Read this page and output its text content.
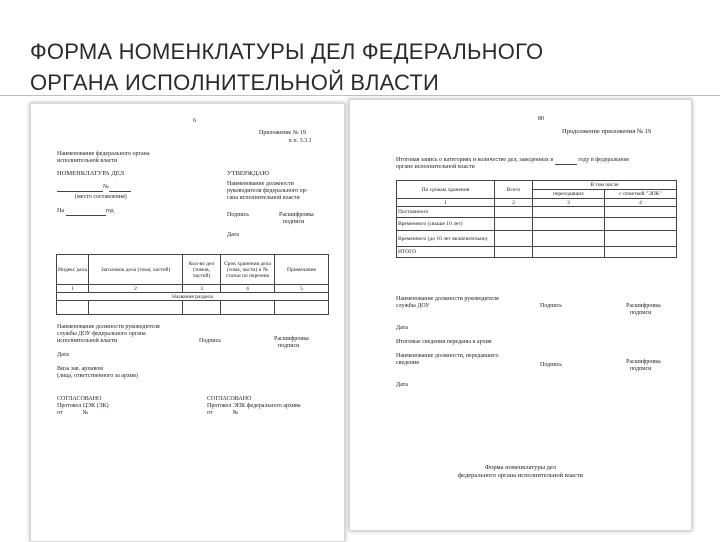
ФОРМА НОМЕНКЛАТУРЫ ДЕЛ ФЕДЕРАЛЬНОГО
ОРГАНА ИСПОЛНИТЕЛЬНОЙ ВЛАСТИ
6
Приложение № 19
к п. 3.3.1
Наименование федерального органа
исполнительной власти
НОМЕНКЛАТУРА ДЕЛ	УТВЕРЖДАЮ
№
(место составления)
На	год
Наименование должности
руководителя федерального ор-
гана исполнительной власти
Подпись	Расшифровка
подписи
Дата
Индекс дела	Заголовок дела (тома, частей)	Кол-во дел (томов, частей)	Срок хранения дела (тома, части) и № статьи по перечню	Примечание
1	2	3	4	5
Название раздела				

Наименование должности руководителя
службы ДОУ федерального органа
исполнительной власти	Подпись	Расшифровка
подписи
Дата
Виза зав. архивом
(лица, ответственного за архив)
СОГЛАСОВАНО
Протокол ЦЭК (ЭК)
от	№
СОГЛАСОВАНО
Протокол ЭПК федерального архива
от	№
80
Продолжение приложения № 19
Итоговая запись о категориях и количестве дел, заведенных в	году в федеральном
органе исполнительной власти
По срокам хранения	Всего	В том числе	
		переходящих	с отметкой "ЭПК"
1	2	3	4
Постоянного			
Временного (свыше 10 лет)			
Временного (до 10 лет включительно)			
ИТОГО			
Наименование должности руководителя
службы ДОУ	Подпись	Расшифровка
подписи
Дата
Итоговые сведения переданы в архив
Наименование должности, передавшего
сведения	Подпись	Расшифровка
подписи
Дата
Форма номенклатуры дел
федерального органа исполнительной власти
